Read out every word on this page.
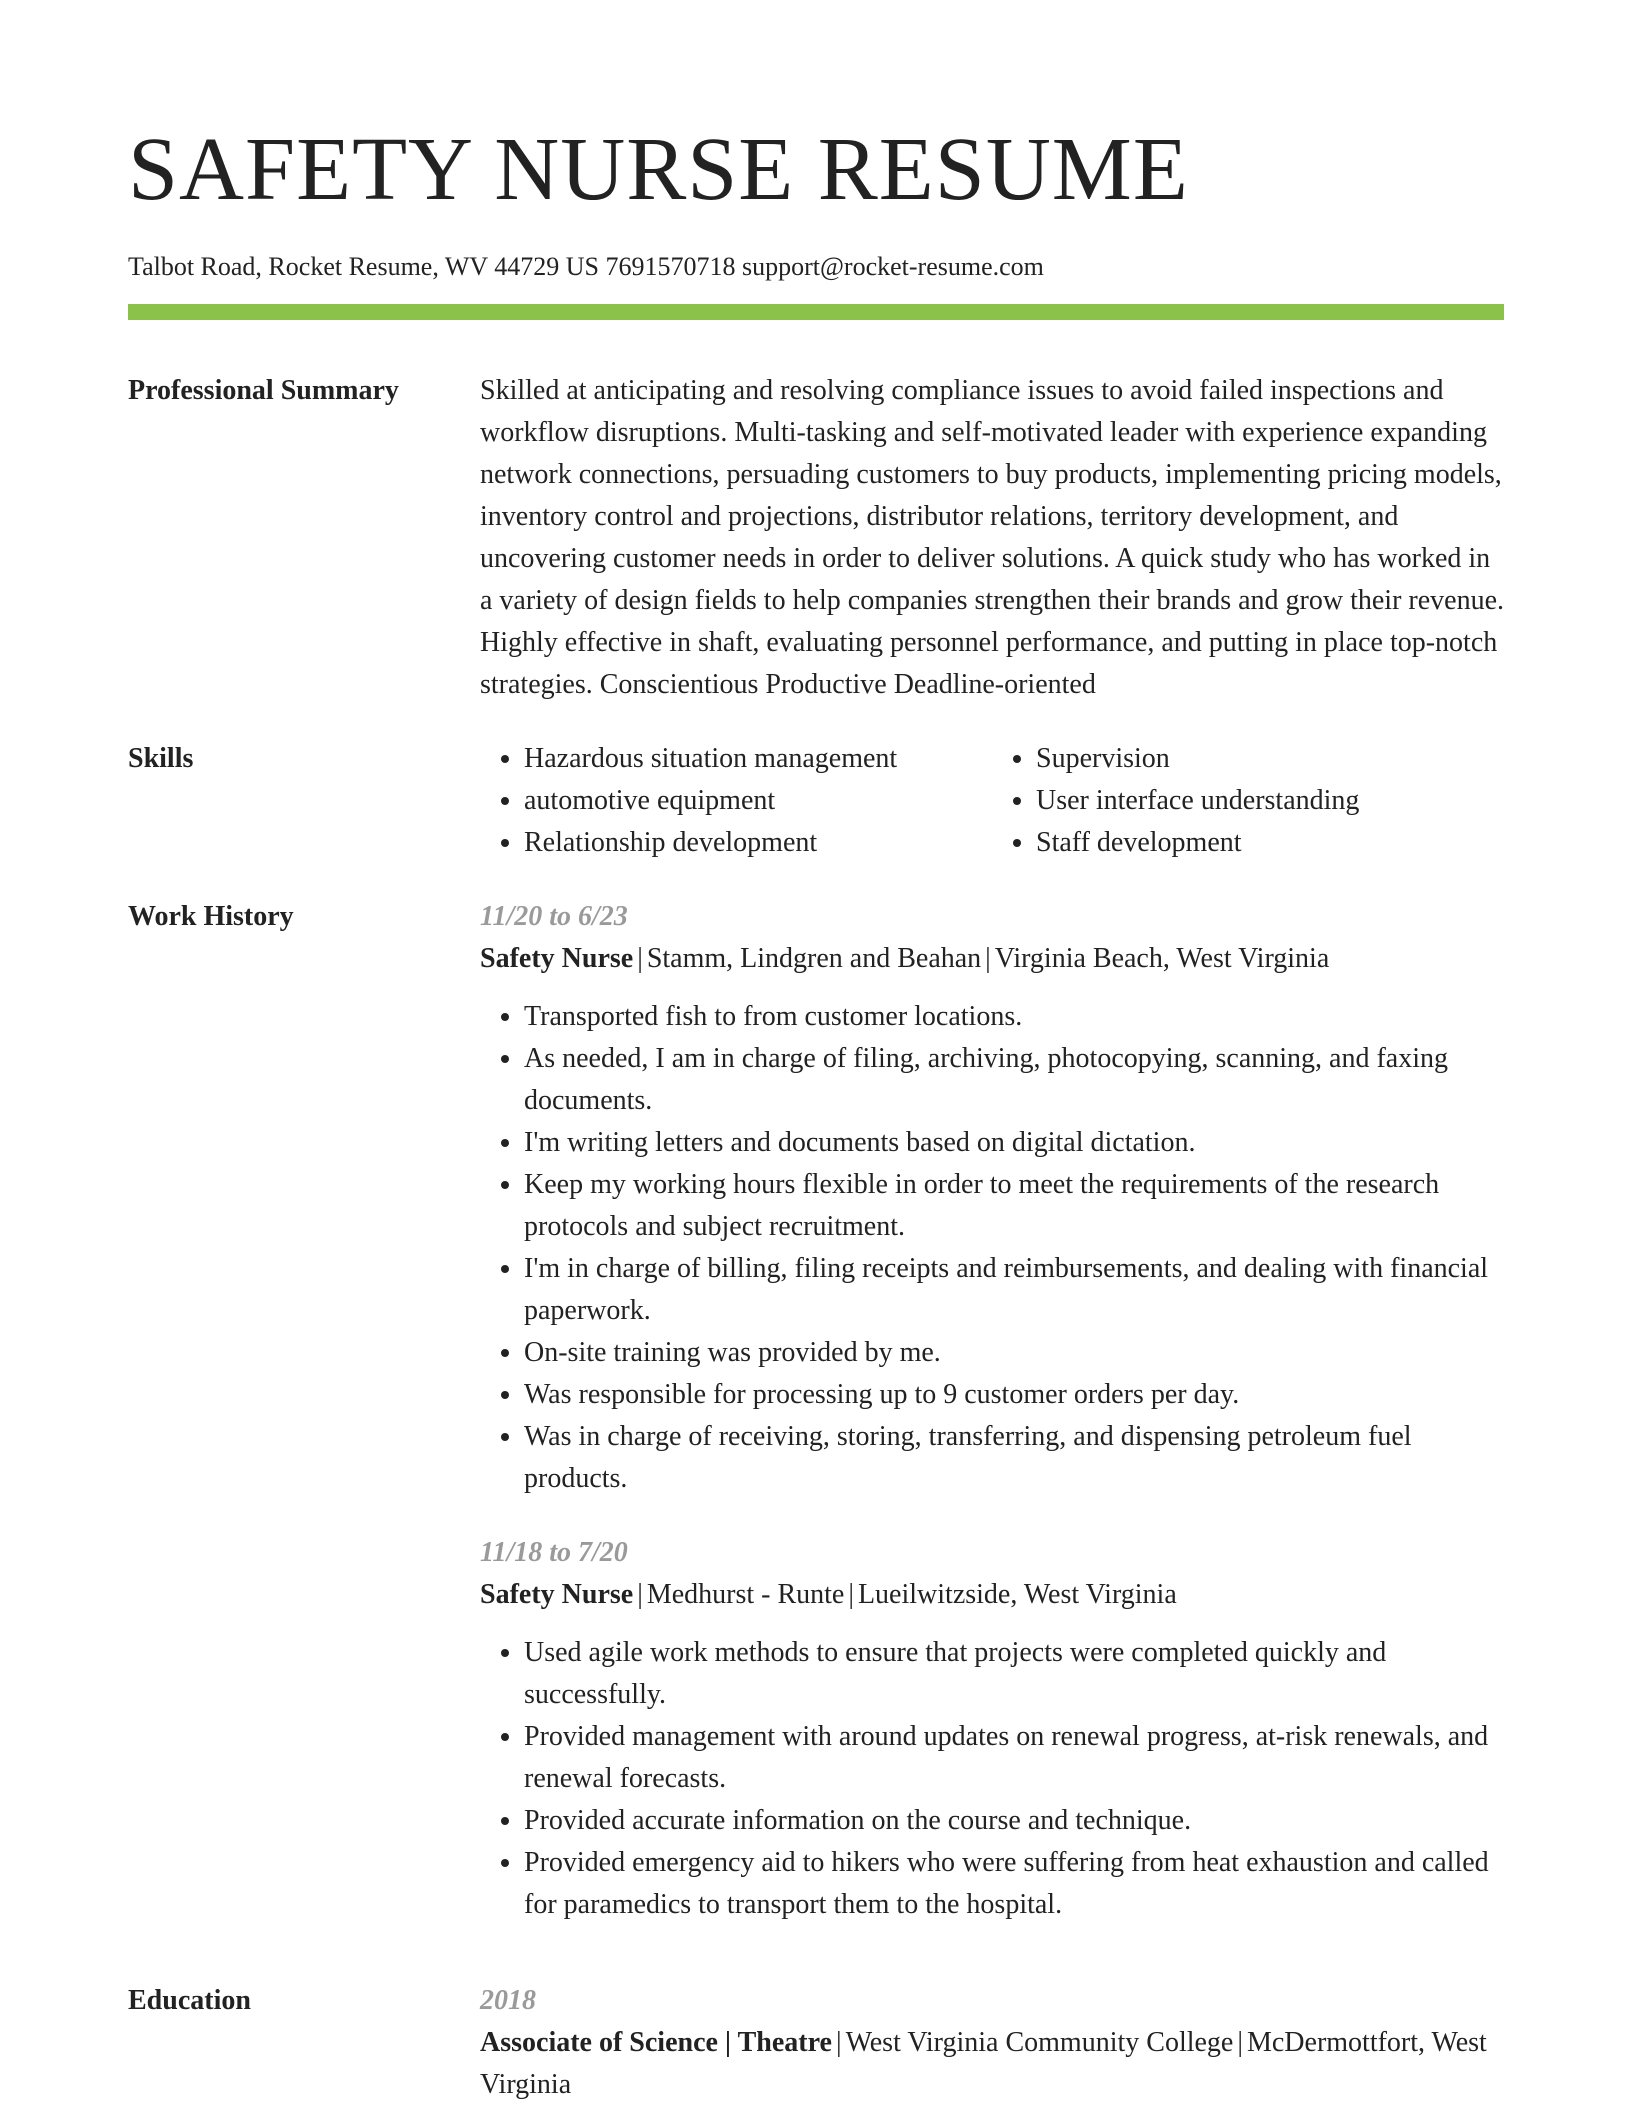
SAFETY NURSE RESUME
Talbot Road, Rocket Resume, WV 44729 US 7691570718 support@rocket-resume.com
Professional Summary	Skilled at anticipating and resolving compliance issues to avoid failed inspections and workflow disruptions. Multi-tasking and self-motivated leader with experience expanding network connections, persuading customers to buy products, implementing pricing models, inventory control and projections, distributor relations, territory development, and uncovering customer needs in order to deliver solutions. A quick study who has worked in a variety of design fields to help companies strengthen their brands and grow their revenue. Highly effective in shaft, evaluating personnel performance, and putting in place top-notch strategies. Conscientious Productive Deadline-oriented
Skills
•	Hazardous situation management
• automotive equipment
• Relationship development
• Supervision
• User interface understanding
• Staff development
Work History	11/20 to 6/23
Safety Nurse | Stamm, Lindgren and Beahan | Virginia Beach, West Virginia
• Transported fish to from customer locations.
• As needed, I am in charge of filing, archiving, photocopying, scanning, and faxing documents.
• I'm writing letters and documents based on digital dictation.
• Keep my working hours flexible in order to meet the requirements of the research protocols and subject recruitment.
• I'm in charge of billing, filing receipts and reimbursements, and dealing with financial paperwork.
• On-site training was provided by me.
• Was responsible for processing up to 9 customer orders per day.
• Was in charge of receiving, storing, transferring, and dispensing petroleum fuel products.
11/18 to 7/20
Safety Nurse | Medhurst - Runte | Lueilwitzside, West Virginia
• Used agile work methods to ensure that projects were completed quickly and successfully.
• Provided management with around updates on renewal progress, at-risk renewals, and renewal forecasts.
• Provided accurate information on the course and technique.
• Provided emergency aid to hikers who were suffering from heat exhaustion and called for paramedics to transport them to the hospital.
Education	2018
Associate of Science | Theatre | West Virginia Community College | McDermottfort, West Virginia
